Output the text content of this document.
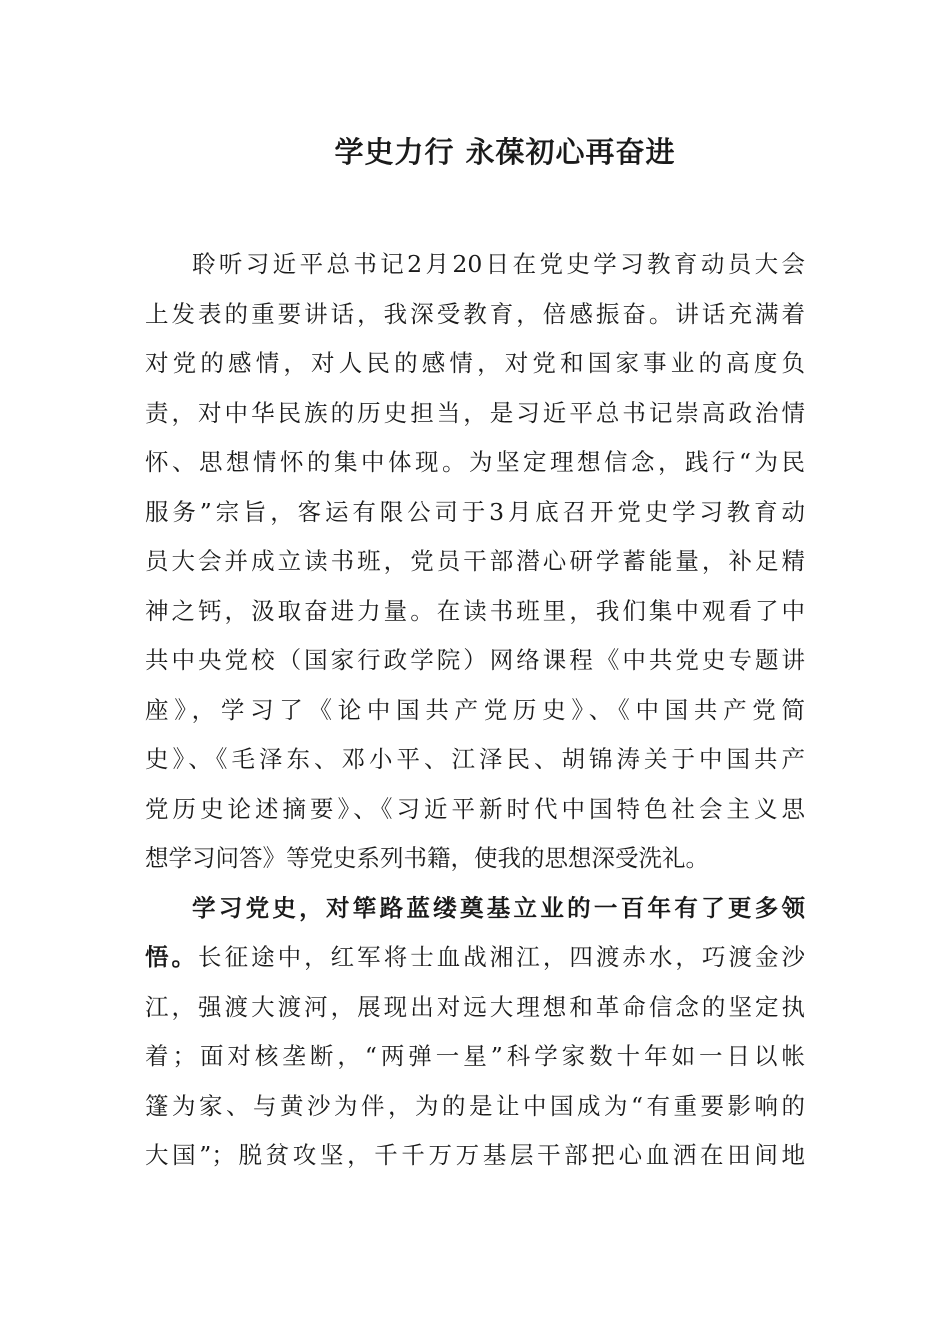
学史力行 永葆初心再奋进
聆听习近平总书记2月20日在党史学习教育动员大会
上发表的重要讲话，我深受教育，倍感振奋。讲话充满着
对党的感情，对人民的感情，对党和国家事业的高度负
责，对中华民族的历史担当，是习近平总书记崇高政治情
怀、思想情怀的集中体现。为坚定理想信念，践行“为民
服务”宗旨，客运有限公司于3月底召开党史学习教育动
员大会并成立读书班，党员干部潜心研学蓄能量，补足精
神之钙，汲取奋进力量。在读书班里，我们集中观看了中
共中央党校（国家行政学院）网络课程《中共党史专题讲
座》，学习了《论中国共产党历史》、《中国共产党简
史》、《毛泽东、邓小平、江泽民、胡锦涛关于中国共产
党历史论述摘要》、《习近平新时代中国特色社会主义思
想学习问答》等党史系列书籍，使我的思想深受洗礼。
学习党史，对筚路蓝缕奠基立业的一百年有了更多领
悟。长征途中，红军将士血战湘江，四渡赤水，巧渡金沙
江，强渡大渡河，展现出对远大理想和革命信念的坚定执
着；面对核垄断，“两弹一星”科学家数十年如一日以帐
篷为家、与黄沙为伴，为的是让中国成为“有重要影响的
大国”；脱贫攻坚，千千万万基层干部把心血洒在田间地
